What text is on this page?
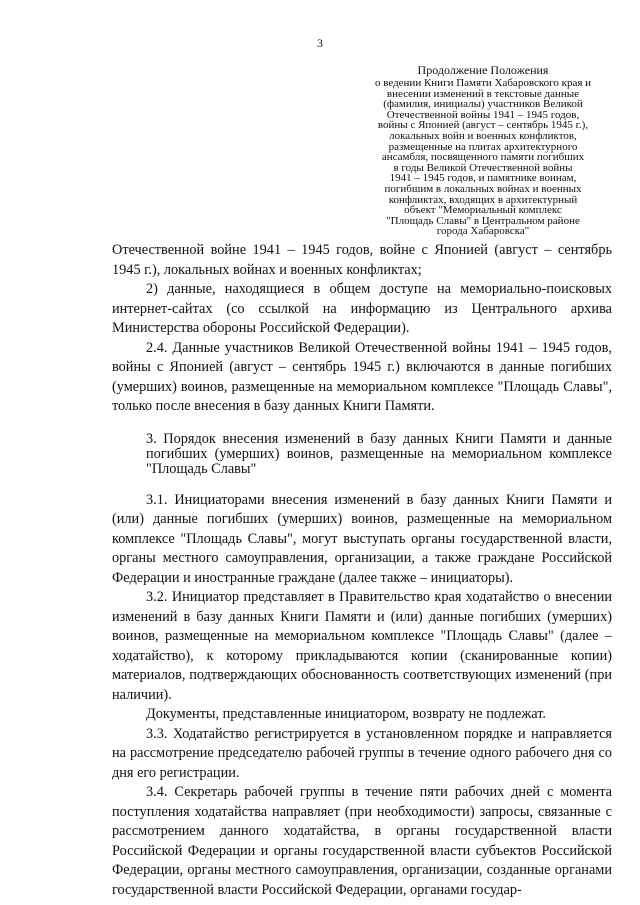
3
Продолжение Положения
о ведении Книги Памяти Хабаровского края и
внесении изменений в текстовые данные
(фамилия, инициалы) участников Великой
Отечественной войны 1941 – 1945 годов,
войны с Японией (август – сентябрь 1945 г.),
локальных войн и военных конфликтов,
размещенные на плитах архитектурного
ансамбля, посвященного памяти погибших
в годы Великой Отечественной войны
1941 – 1945 годов, и памятнике воинам,
погибшим в локальных войнах и военных
конфликтах, входящих в архитектурный
объект "Мемориальный комплекс
"Площадь Славы" в Центральном районе
города Хабаровска"

Отечественной войне 1941 – 1945 годов, войне с Японией (август – сентябрь 1945 г.), локальных войнах и военных конфликтах;

2) данные, находящиеся в общем доступе на мемориально-поисковых интернет-сайтах (со ссылкой на информацию из Центрального архива Министерства обороны Российской Федерации).

2.4. Данные участников Великой Отечественной войны 1941 – 1945 годов, войны с Японией (август – сентябрь 1945 г.) включаются в данные погибших (умерших) воинов, размещенные на мемориальном комплексе "Площадь Славы", только после внесения в базу данных Книги Памяти.

3. Порядок внесения изменений в базу данных Книги Памяти и данные погибших (умерших) воинов, размещенные на мемориальном комплексе "Площадь Славы"

3.1. Инициаторами внесения изменений в базу данных Книги Памяти и (или) данные погибших (умерших) воинов, размещенные на мемориальном комплексе "Площадь Славы", могут выступать органы государственной власти, органы местного самоуправления, организации, а также граждане Российской Федерации и иностранные граждане (далее также – инициаторы).

3.2. Инициатор представляет в Правительство края ходатайство о внесении изменений в базу данных Книги Памяти и (или) данные погибших (умерших) воинов, размещенные на мемориальном комплексе "Площадь Славы" (далее – ходатайство), к которому прикладываются копии (сканированные копии) материалов, подтверждающих обоснованность соответствующих изменений (при наличии).

Документы, представленные инициатором, возврату не подлежат.

3.3. Ходатайство регистрируется в установленном порядке и направляется на рассмотрение председателю рабочей группы в течение одного рабочего дня со дня его регистрации.

3.4. Секретарь рабочей группы в течение пяти рабочих дней с момента поступления ходатайства направляет (при необходимости) запросы, связанные с рассмотрением данного ходатайства, в органы государственной власти Российской Федерации и органы государственной власти субъектов Российской Федерации, органы местного самоуправления, организации, созданные органами государственной власти Российской Федерации, органами государ-
